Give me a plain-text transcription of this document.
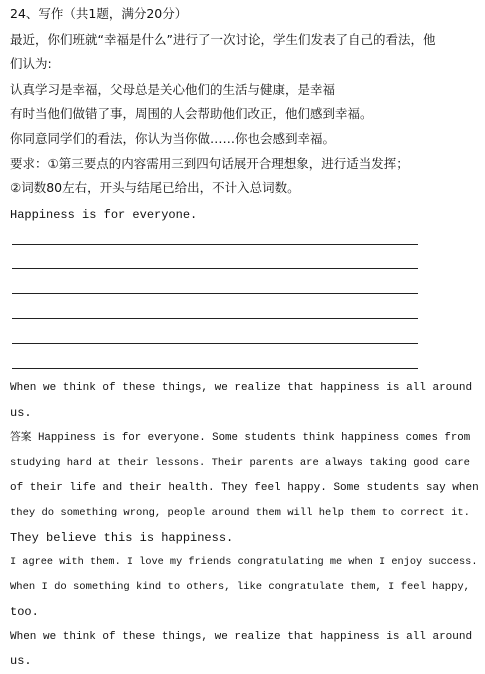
24、写作（共1题，满分20分）
最近，你们班就“幸福是什么”进行了一次讨论，学生们发表了自己的看法，他
们认为:
认真学习是幸福，父母总是关心他们的生活与健康，是幸福
有时当他们做错了事，周围的人会帮助他们改正，他们感到幸福。
你同意同学们的看法，你认为当你做……你也会感到幸福。
要求：①第三要点的内容需用三到四句话展开合理想象，进行适当发挥；
②词数80左右，开头与结尾已给出，不计入总词数。
Happiness is for everyone.
When we think of these things, we realize that happiness is all around
us.
答案 Happiness is for everyone. Some students think happiness comes from
studying hard at their lessons. Their parents are always taking good care
of their life and their health. They feel happy. Some students say when
they do something wrong, people around them will help them to correct it.
They believe this is happiness.
I agree with them. I love my friends congratulating me when I enjoy success.
When I do something kind to others, like congratulate them, I feel happy,
too.
When we think of these things, we realize that happiness is all around
us.
